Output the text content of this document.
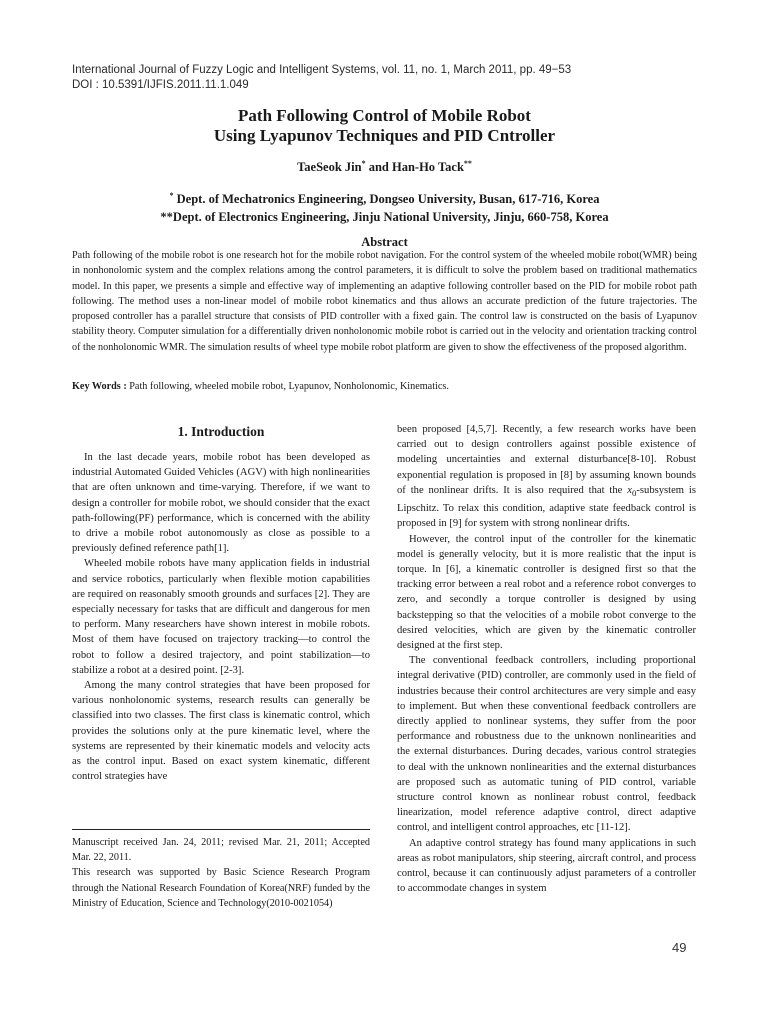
International Journal of Fuzzy Logic and Intelligent Systems, vol. 11, no. 1, March 2011, pp. 49−53
DOI : 10.5391/IJFIS.2011.11.1.049
Path Following Control of Mobile Robot
Using Lyapunov Techniques and PID Cntroller
TaeSeok Jin* and Han-Ho Tack**
* Dept. of Mechatronics Engineering, Dongseo University, Busan, 617-716, Korea
**Dept. of Electronics Engineering, Jinju National University, Jinju, 660-758, Korea
Abstract
Path following of the mobile robot is one research hot for the mobile robot navigation. For the control system of the wheeled mobile robot(WMR) being in nonhonolomic system and the complex relations among the control parameters, it is difficult to solve the problem based on traditional mathematics model. In this paper, we presents a simple and effective way of implementing an adaptive following controller based on the PID for mobile robot path following. The method uses a non-linear model of mobile robot kinematics and thus allows an accurate prediction of the future trajectories. The proposed controller has a parallel structure that consists of PID controller with a fixed gain. The control law is constructed on the basis of Lyapunov stability theory. Computer simulation for a differentially driven nonholonomic mobile robot is carried out in the velocity and orientation tracking control of the nonholonomic WMR. The simulation results of wheel type mobile robot platform are given to show the effectiveness of the proposed algorithm.
Key Words : Path following, wheeled mobile robot, Lyapunov, Nonholonomic, Kinematics.
1. Introduction

In the last decade years, mobile robot has been developed as industrial Automated Guided Vehicles (AGV) with high nonlinearities that are often unknown and time-varying. Therefore, if we want to design a controller for mobile robot, we should consider that the exact path-following(PF) performance, which is concerned with the ability to drive a mobile robot autonomously as close as possible to a previously defined reference path[1].

Wheeled mobile robots have many application fields in industrial and service robotics, particularly when flexible motion capabilities are required on reasonably smooth grounds and surfaces [2]. They are especially necessary for tasks that are difficult and dangerous for men to perform. Many researchers have shown interest in mobile robots. Most of them have focused on trajectory tracking—to control the robot to follow a desired trajectory, and point stabilization—to stabilize a robot at a desired point. [2-3].

Among the many control strategies that have been proposed for various nonholonomic systems, research results can generally be classified into two classes. The first class is kinematic control, which provides the solutions only at the pure kinematic level, where the systems are represented by their kinematic models and velocity acts as the control input. Based on exact system kinematic, different control strategies have

been proposed [4,5,7]. Recently, a few research works have been carried out to design controllers against possible existence of modeling uncertainties and external disturbance[8-10]. Robust exponential regulation is proposed in [8] by assuming known bounds of the nonlinear drifts. It is also required that the $x_0$-subsystem is Lipschitz. To relax this condition, adaptive state feedback control is proposed in [9] for system with strong nonlinear drifts.

However, the control input of the controller for the kinematic model is generally velocity, but it is more realistic that the input is torque. In [6], a kinematic controller is designed first so that the tracking error between a real robot and a reference robot converges to zero, and secondly a torque controller is designed by using backstepping so that the velocities of a mobile robot converge to the desired velocities, which are given by the kinematic controller designed at the first step.

The conventional feedback controllers, including proportional integral derivative (PID) controller, are commonly used in the field of industries because their control architectures are very simple and easy to implement. But when these conventional feedback controllers are directly applied to nonlinear systems, they suffer from the poor performance and robustness due to the unknown nonlinearities and the external disturbances. During decades, various control strategies to deal with the unknown nonlinearities and the external disturbances are proposed such as automatic tuning of PID control, variable structure control known as nonlinear robust control, feedback linearization, model reference adaptive control, direct adaptive control, and intelligent control approaches, etc [11-12].

An adaptive control strategy has found many applications in such areas as robot manipulators, ship steering, aircraft control, and process control, because it can continuously adjust parameters of a controller to accommodate changes in system

Manuscript received Jan. 24, 2011; revised Mar. 21, 2011; Accepted Mar. 22, 2011.

This research was supported by Basic Science Research Program through the National Research Foundation of Korea(NRF) funded by the Ministry of Education, Science and Technology(2010-0021054)

49
